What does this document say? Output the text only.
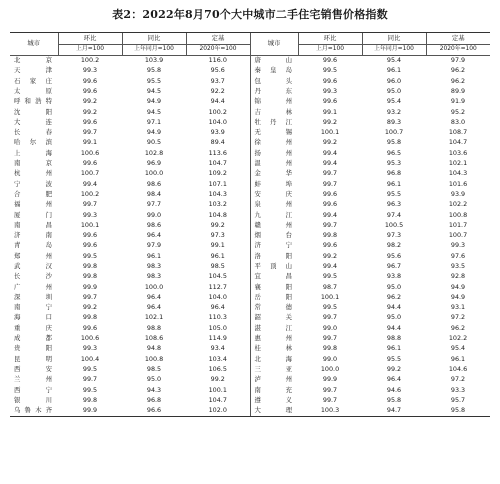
表2：2022年8月70个大中城市二手住宅销售价格指数
城市	环比	同比	定基	城市	环比	同比	定基
	上月=100	上年同月=100	2020年=100		上月=100	上年同月=100	2020年=100
北　京	100.2	103.9	116.0	唐　山	99.6	95.4	97.9
天　津	99.3	95.8	95.6	秦皇岛	99.5	96.1	96.2
石家庄	99.6	95.5	93.7	包　头	99.6	96.0	96.2
太　原	99.6	94.5	92.2	丹　东	99.3	95.0	89.9
呼和浩特	99.2	94.9	94.4	锦　州	99.6	95.4	91.9
沈　阳	99.2	94.5	100.2	吉　林	99.1	93.2	95.2
大　连	99.6	97.1	104.0	牡丹江	99.2	89.3	83.0
长　春	99.7	94.9	93.9	无　锡	100.1	100.7	108.7
哈尔滨	99.1	90.5	89.4	徐　州	99.2	95.8	104.7
上　海	100.6	102.8	113.6	扬　州	99.4	96.5	103.6
南　京	99.6	96.9	104.7	温　州	99.4	95.3	102.1
杭　州	100.7	100.0	109.2	金　华	99.7	96.8	104.3
宁　波	99.4	98.6	107.1	蚌　埠	99.7	96.1	101.6
合　肥	100.2	98.4	104.3	安　庆	99.6	95.5	93.9
福　州	99.7	97.7	103.2	泉　州	99.6	96.3	102.2
厦　门	99.3	99.0	104.8	九　江	99.4	97.4	100.8
南　昌	100.1	98.6	99.2	赣　州	99.7	100.5	101.7
济　南	99.6	96.4	97.3	烟　台	99.8	97.3	100.7
青　岛	99.6	97.9	99.1	济　宁	99.6	98.2	99.3
郑　州	99.5	96.1	96.1	洛　阳	99.2	95.6	97.6
武　汉	99.8	98.3	98.5	平顶山	99.4	96.7	93.5
长　沙	99.8	98.3	104.5	宜　昌	99.5	93.8	92.8
广　州	99.9	100.0	112.7	襄　阳	98.7	95.0	94.9
深　圳	99.7	96.4	104.0	岳　阳	100.1	96.2	94.9
南　宁	99.2	96.4	96.4	常　德	99.5	94.4	93.1
海　口	99.8	102.1	110.3	韶　关	99.7	95.0	97.2
重　庆	99.6	98.8	105.0	湛　江	99.0	94.4	96.2
成　都	100.6	108.6	114.9	惠　州	99.7	98.8	102.2
贵　阳	99.3	94.8	93.4	桂　林	99.8	96.1	95.4
昆　明	100.4	100.8	103.4	北　海	99.0	95.5	96.1
西　安	99.5	98.5	106.5	三　亚	100.0	99.2	104.6
兰　州	99.7	95.0	99.2	泸　州	99.9	96.4	97.2
西　宁	99.5	94.3	100.1	南　充	99.7	94.6	93.3
银　川	99.8	96.8	104.7	遵　义	99.7	95.8	95.7
乌鲁木齐	99.9	96.6	102.0	大　理	100.3	94.7	95.8
